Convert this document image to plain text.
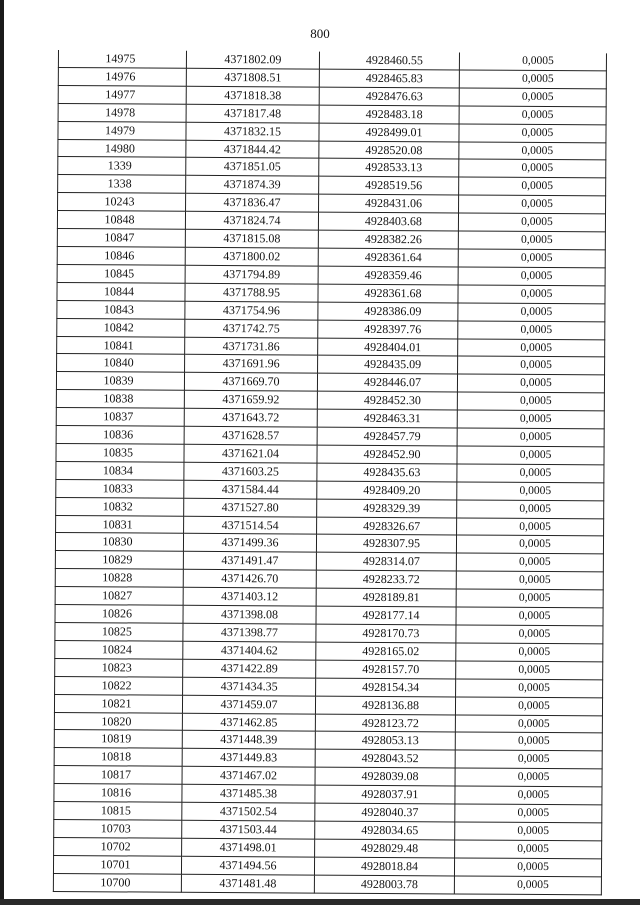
800
14975	4371802.09	4928460.55	0,0005
14976	4371808.51	4928465.83	0,0005
14977	4371818.38	4928476.63	0,0005
14978	4371817.48	4928483.18	0,0005
14979	4371832.15	4928499.01	0,0005
14980	4371844.42	4928520.08	0,0005
1339	4371851.05	4928533.13	0,0005
1338	4371874.39	4928519.56	0,0005
10243	4371836.47	4928431.06	0,0005
10848	4371824.74	4928403.68	0,0005
10847	4371815.08	4928382.26	0,0005
10846	4371800.02	4928361.64	0,0005
10845	4371794.89	4928359.46	0,0005
10844	4371788.95	4928361.68	0,0005
10843	4371754.96	4928386.09	0,0005
10842	4371742.75	4928397.76	0,0005
10841	4371731.86	4928404.01	0,0005
10840	4371691.96	4928435.09	0,0005
10839	4371669.70	4928446.07	0,0005
10838	4371659.92	4928452.30	0,0005
10837	4371643.72	4928463.31	0,0005
10836	4371628.57	4928457.79	0,0005
10835	4371621.04	4928452.90	0,0005
10834	4371603.25	4928435.63	0,0005
10833	4371584.44	4928409.20	0,0005
10832	4371527.80	4928329.39	0,0005
10831	4371514.54	4928326.67	0,0005
10830	4371499.36	4928307.95	0,0005
10829	4371491.47	4928314.07	0,0005
10828	4371426.70	4928233.72	0,0005
10827	4371403.12	4928189.81	0,0005
10826	4371398.08	4928177.14	0,0005
10825	4371398.77	4928170.73	0,0005
10824	4371404.62	4928165.02	0,0005
10823	4371422.89	4928157.70	0,0005
10822	4371434.35	4928154.34	0,0005
10821	4371459.07	4928136.88	0,0005
10820	4371462.85	4928123.72	0,0005
10819	4371448.39	4928053.13	0,0005
10818	4371449.83	4928043.52	0,0005
10817	4371467.02	4928039.08	0,0005
10816	4371485.38	4928037.91	0,0005
10815	4371502.54	4928040.37	0,0005
10703	4371503.44	4928034.65	0,0005
10702	4371498.01	4928029.48	0,0005
10701	4371494.56	4928018.84	0,0005
10700	4371481.48	4928003.78	0,0005
